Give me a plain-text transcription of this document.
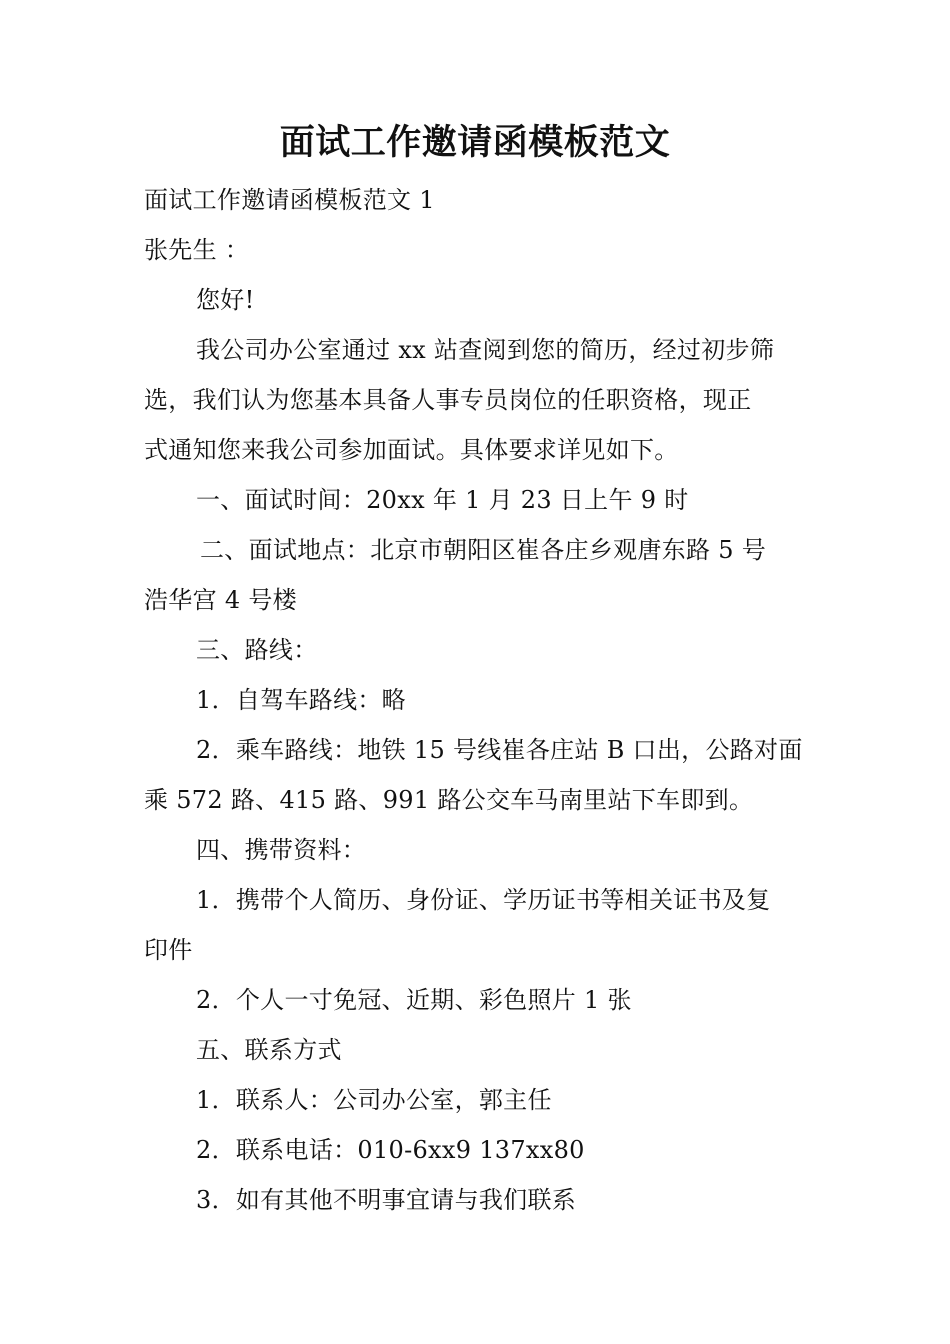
面试工作邀请函模板范文
面试工作邀请函模板范文 1
张先生 ：
您好!
我公司办公室通过 xx 站查阅到您的简历，经过初步筛
选，我们认为您基本具备人事专员岗位的任职资格，现正
式通知您来我公司参加面试。具体要求详见如下。
一、面试时间：20xx 年 1 月 23 日上午 9 时
二、面试地点：北京市朝阳区崔各庄乡观唐东路 5 号
浩华宫 4 号楼
三、路线：
1．自驾车路线：略
2．乘车路线：地铁 15 号线崔各庄站 B 口出，公路对面
乘 572 路、415 路、991 路公交车马南里站下车即到。
四、携带资料：
1．携带个人简历、身份证、学历证书等相关证书及复
印件
2．个人一寸免冠、近期、彩色照片 1 张
五、联系方式
1．联系人：公司办公室，郭主任
2．联系电话：010-6xx9 137xx80
3．如有其他不明事宜请与我们联系
